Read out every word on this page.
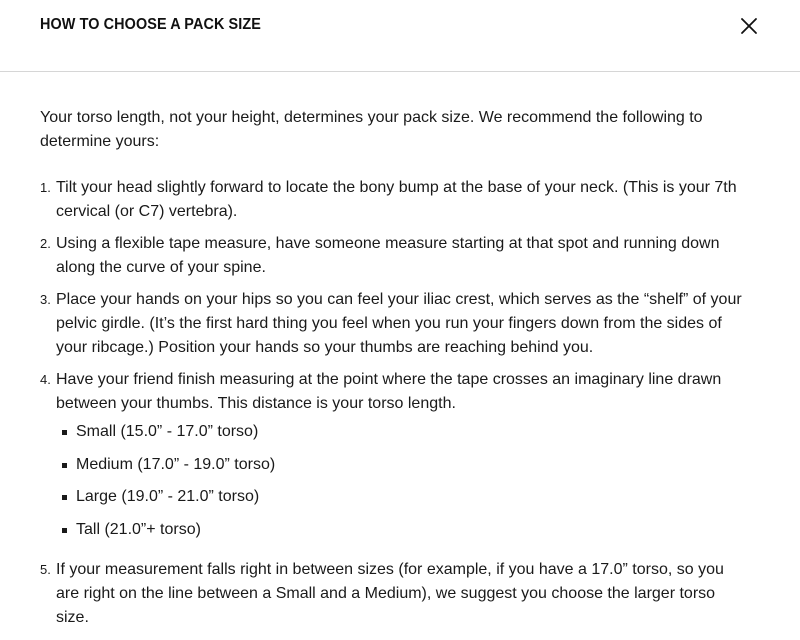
HOW TO CHOOSE A PACK SIZE

Your torso length, not your height, determines your pack size. We recommend the following to determine yours:

1. Tilt your head slightly forward to locate the bony bump at the base of your neck. (This is your 7th cervical (or C7) vertebra).
2. Using a flexible tape measure, have someone measure starting at that spot and running down along the curve of your spine.
3. Place your hands on your hips so you can feel your iliac crest, which serves as the “shelf” of your pelvic girdle. (It’s the first hard thing you feel when you run your fingers down from the sides of your ribcage.) Position your hands so your thumbs are reaching behind you.
4. Have your friend finish measuring at the point where the tape crosses an imaginary line drawn between your thumbs. This distance is your torso length.
Small (15.0” - 17.0” torso)
Medium (17.0” - 19.0” torso)
Large (19.0” - 21.0” torso)
Tall (21.0”+ torso)
5. If your measurement falls right in between sizes (for example, if you have a 17.0” torso, so you are right on the line between a Small and a Medium), we suggest you choose the larger torso size.
